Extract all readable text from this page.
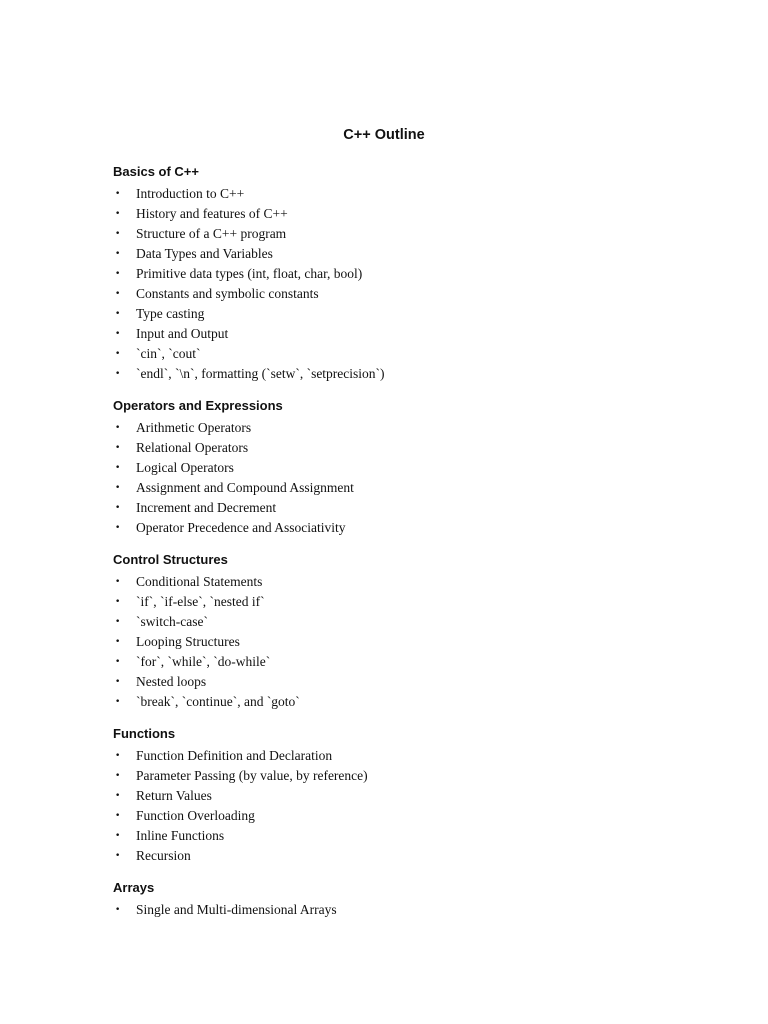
C++ Outline
Basics of C++
• Introduction to C++
• History and features of C++
• Structure of a C++ program
• Data Types and Variables
• Primitive data types (int, float, char, bool)
• Constants and symbolic constants
• Type casting
• Input and Output
• `cin`, `cout`
• `endl`, `\n`, formatting (`setw`, `setprecision`)
Operators and Expressions
• Arithmetic Operators
• Relational Operators
• Logical Operators
• Assignment and Compound Assignment
• Increment and Decrement
• Operator Precedence and Associativity
Control Structures
• Conditional Statements
• `if`, `if-else`, `nested if`
• `switch-case`
• Looping Structures
• `for`, `while`, `do-while`
• Nested loops
• `break`, `continue`, and `goto`
Functions
• Function Definition and Declaration
• Parameter Passing (by value, by reference)
• Return Values
• Function Overloading
• Inline Functions
• Recursion
Arrays
• Single and Multi-dimensional Arrays
